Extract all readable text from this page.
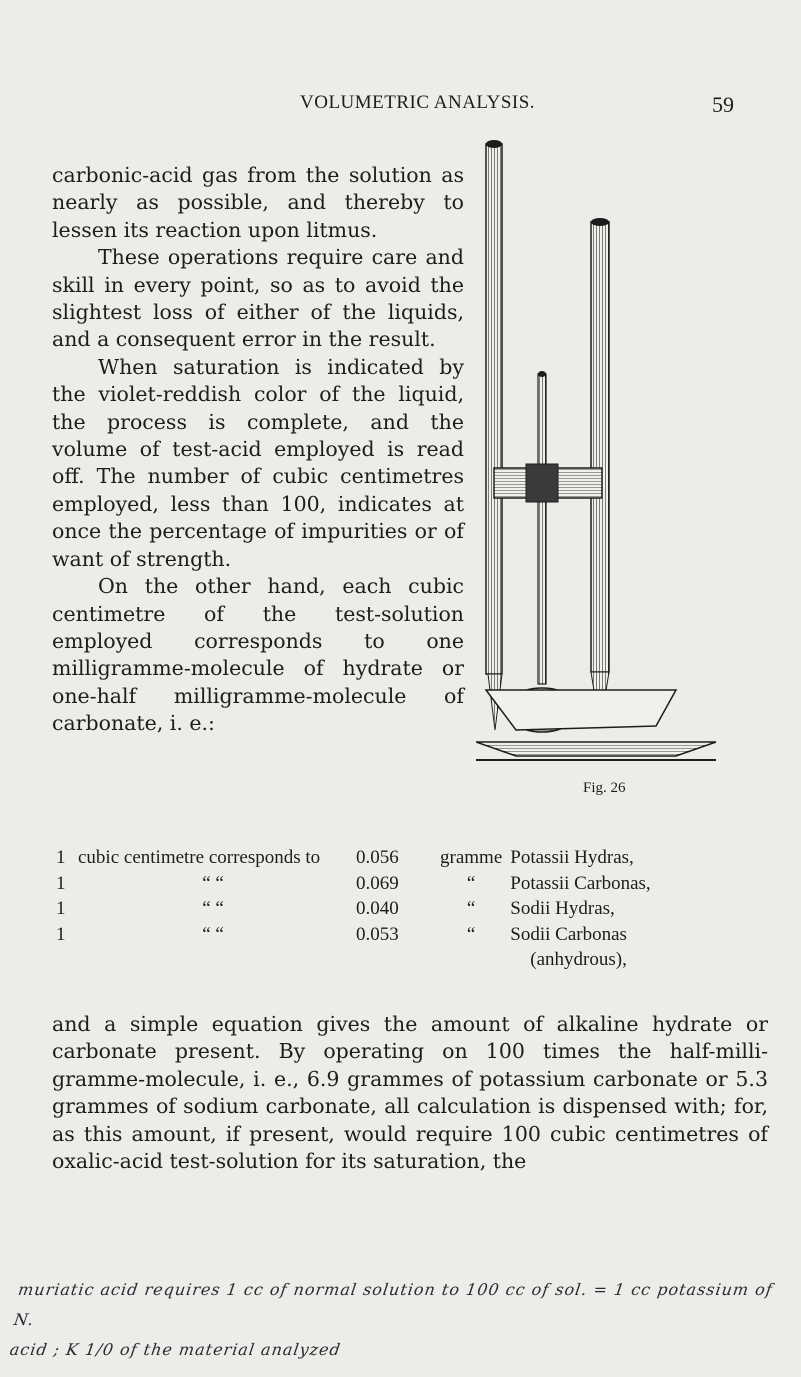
VOLUMETRIC ANALYSIS.	59

carbonic-acid gas from the solution as nearly as possible, and thereby to lessen its reaction upon litmus.

These operations require care and skill in every point, so as to avoid the slightest loss of either of the liquids, and a consequent error in the result.

When saturation is indicated by the violet-reddish color of the liquid, the process is complete, and the volume of test-acid employed is read off. The number of cubic centimetres employed, less than 100, indicates at once the percentage of impurities or of want of strength.

On the other hand, each cubic centimetre of the test-solution employed corresponds to one milligramme-molecule of hydrate or one-half milligramme-molecule of carbonate, i. e.:

Fig. 26
1	cubic centimetre corresponds to	0.056	gramme	Potassii Hydras,
1	“ “	0.069	“	Potassii Carbonas,
1	“ “	0.040	“	Sodii Hydras,
1	“ “	0.053	“	Sodii Carbonas
				(anhydrous),

and a simple equation gives the amount of alkaline hydrate or carbonate present. By operating on 100 times the half-milli-gramme-molecule, i. e., 6.9 grammes of potassium carbonate or 5.3 grammes of sodium carbonate, all calculation is dispensed with; for, as this amount, if present, would require 100 cubic centimetres of oxalic-acid test-solution for its saturation, the

muriatic acid requires 1 cc of normal solution to 100 cc of sol. = 1 cc potassium of N.

acid ; K 1/0 of the material analyzed
